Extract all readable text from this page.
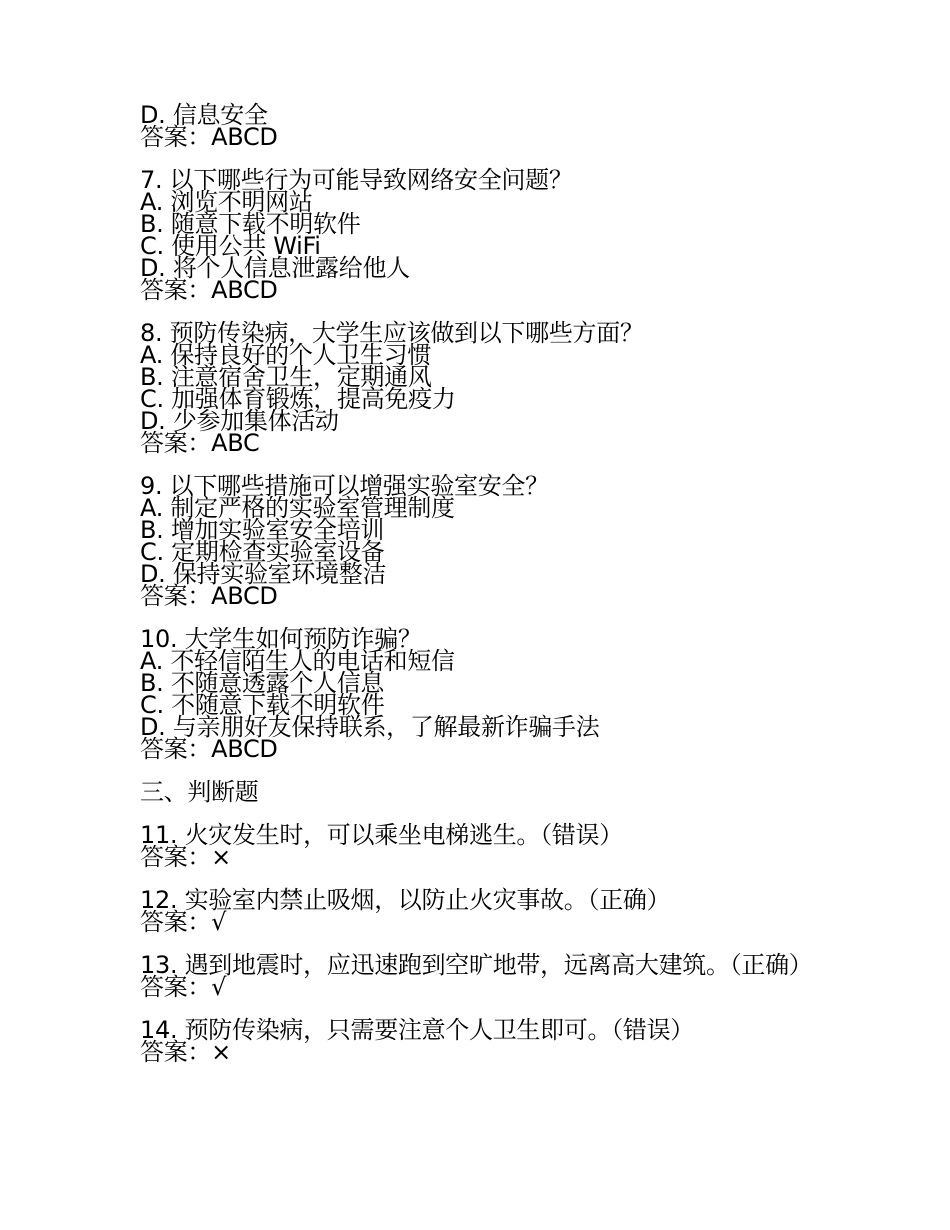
D. 信息安全
答案：ABCD
7. 以下哪些行为可能导致网络安全问题？
A. 浏览不明网站
B. 随意下载不明软件
C. 使用公共 WiFi
D. 将个人信息泄露给他人
答案：ABCD
8. 预防传染病，大学生应该做到以下哪些方面？
A. 保持良好的个人卫生习惯
B. 注意宿舍卫生，定期通风
C. 加强体育锻炼，提高免疫力
D. 少参加集体活动
答案：ABC
9. 以下哪些措施可以增强实验室安全？
A. 制定严格的实验室管理制度
B. 增加实验室安全培训
C. 定期检查实验室设备
D. 保持实验室环境整洁
答案：ABCD
10. 大学生如何预防诈骗？
A. 不轻信陌生人的电话和短信
B. 不随意透露个人信息
C. 不随意下载不明软件
D. 与亲朋好友保持联系，了解最新诈骗手法
答案：ABCD
三、判断题
11. 火灾发生时，可以乘坐电梯逃生。（错误）
答案：×
12. 实验室内禁止吸烟，以防止火灾事故。（正确）
答案：√
13. 遇到地震时，应迅速跑到空旷地带，远离高大建筑。（正确）
答案：√
14. 预防传染病，只需要注意个人卫生即可。（错误）
答案：×
